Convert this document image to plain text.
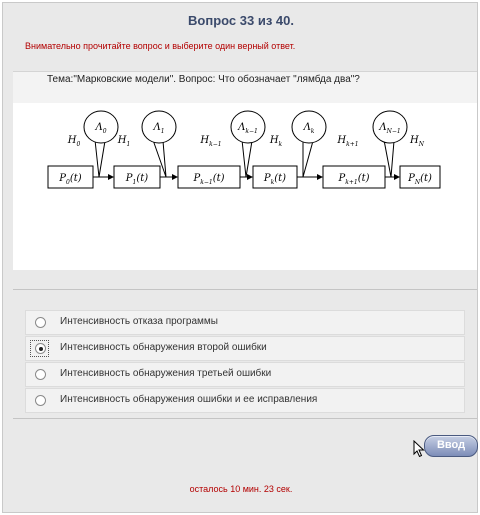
Вопрос 33 из 40.
Внимательно прочитайте вопрос и выберите один верный ответ.
Тема:"Марковские модели". Вопрос: Что обозначает "лямбда два"?
$P_0(t)$	$P_1(t)$	$P_{k-1}(t)$	$P_k(t)$	$P_{k+1}(t)$	$P_N(t)$
$H_0$	$H_1$	$H_{k-1}$	$H_k$	$H_{k+1}$	$H_N$
$\Lambda_0$	$\Lambda_1$	$\Lambda_{k-1}$	$\Lambda_k$	$\Lambda_{N-1}$
Интенсивность отказа программы
Интенсивность обнаружения второй ошибки
Интенсивность обнаружения третьей ошибки
Интенсивность обнаружения ошибки и ее исправления
Ввод
осталось 10 мин. 23 сек.
